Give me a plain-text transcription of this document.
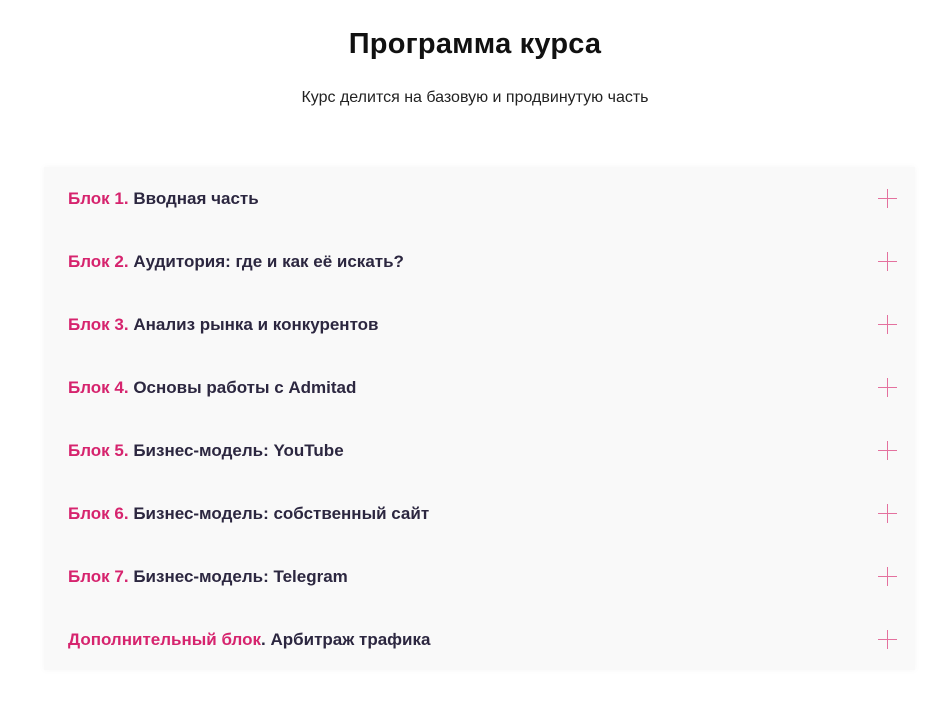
Программа курса
Курс делится на базовую и продвинутую часть
Блок 1. Вводная часть
Блок 2. Аудитория: где и как её искать?
Блок 3. Анализ рынка и конкурентов
Блок 4. Основы работы с Admitad
Блок 5. Бизнес-модель: YouTube
Блок 6. Бизнес-модель: собственный сайт
Блок 7. Бизнес-модель: Telegram
Дополнительный блок. Арбитраж трафика
